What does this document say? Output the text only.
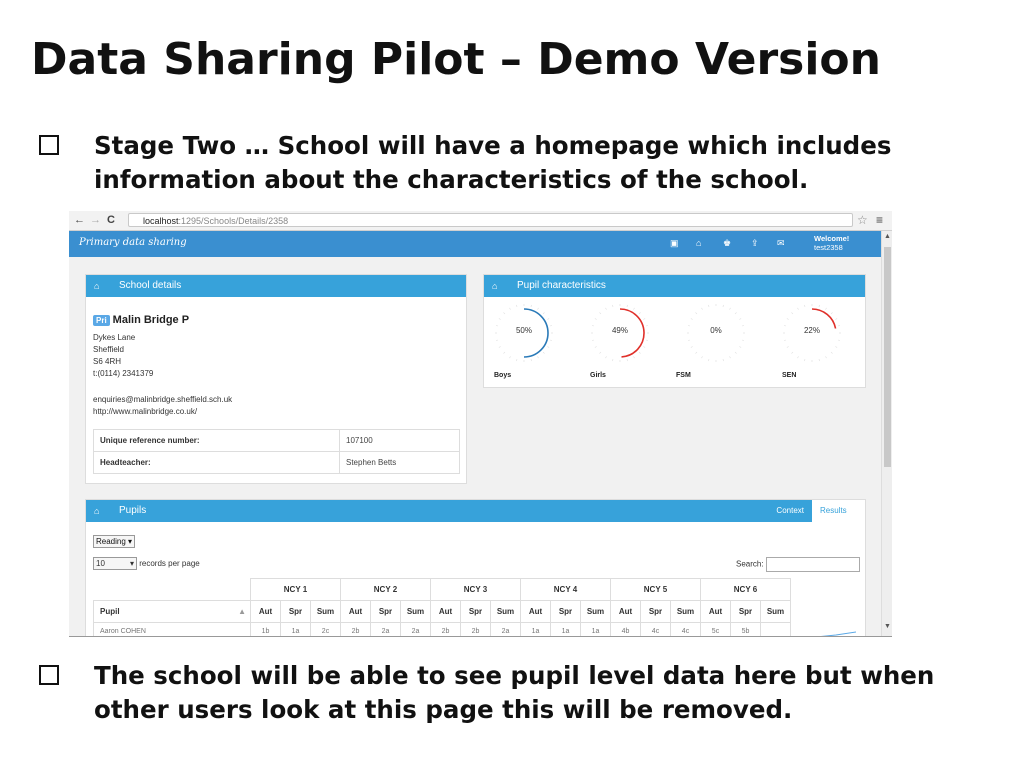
Data Sharing Pilot – Demo Version
Stage Two … School will have a homepage which includes information about the characteristics of the school.
← → C	localhost:1295/Schools/Details/2358	☆ ≡
Primary data sharing	▣ ⌂ ♚ ⇪ ✉	Welcome!
test2358
⌂ School details
Pri Malin Bridge P
Dykes Lane
Sheffield
S6 4RH
t:(0114) 2341379
enquiries@malinbridge.sheffield.sch.uk
http://www.malinbridge.co.uk/
Unique reference number:	107100
Headteacher:	Stephen Betts
⌂ Pupil characteristics
50%
Boys
49%
Girls
0%
FSM
22%
SEN
⌂ Pupils	Context	Results
Reading ▾
10	▾ records per page	Search:
	NCY 1			NCY 2			NCY 3			NCY 4			NCY 5			NCY 6		
Pupil ▲	Aut	Spr	Sum	Aut	Spr	Sum	Aut	Spr	Sum	Aut	Spr	Sum	Aut	Spr	Sum	Aut	Spr	Sum
Aaron COHEN	1b	1a	2c	2b	2a	2a	2b	2b	2a	1a	1a	1a	4b	4c	4c	5c	5b	
▲
▼
The school will be able to see pupil level data here but when other users look at this page this will be removed.
